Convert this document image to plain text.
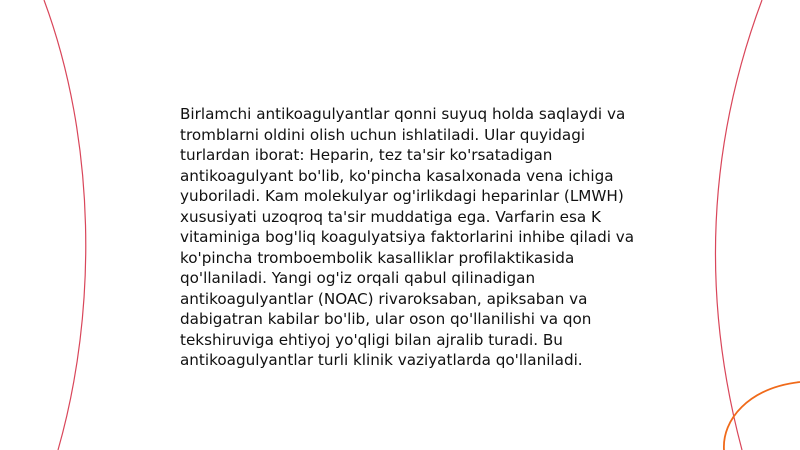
Birlamchi antikoagulyantlar qonni suyuq holda saqlaydi va tromblarni oldini olish uchun ishlatiladi. Ular quyidagi turlardan iborat: Heparin, tez ta'sir ko'rsatadigan antikoagulyant bo'lib, ko'pincha kasalxonada vena ichiga yuboriladi. Kam molekulyar og'irlikdagi heparinlar (LMWH) xususiyati uzoqroq ta'sir muddatiga ega. Varfarin esa K vitaminiga bog'liq koagulyatsiya faktorlarini inhibe qiladi va ko'pincha tromboembolik kasalliklar profilaktikasida qo'llaniladi. Yangi og'iz orqali qabul qilinadigan antikoagulyantlar (NOAC) rivaroksaban, apiksaban va dabigatran kabilar bo'lib, ular oson qo'llanilishi va qon tekshiruviga ehtiyoj yo'qligi bilan ajralib turadi. Bu antikoagulyantlar turli klinik vaziyatlarda qo'llaniladi.
